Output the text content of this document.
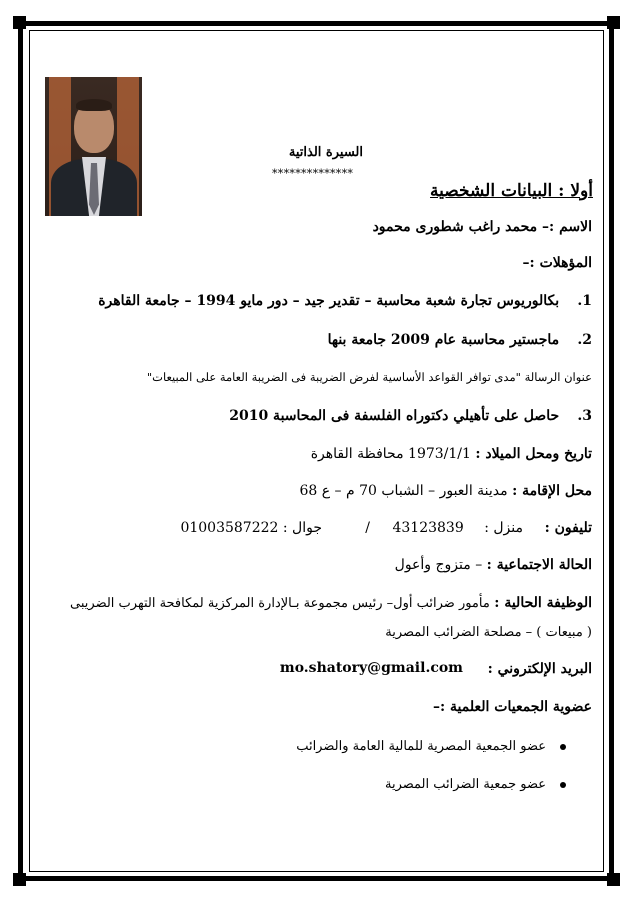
السيرة الذاتية
**************
أولا : البيانات الشخصية
الاسم :– محمد راغب شطورى محمود
المؤهلات :–
1. بكالوريوس تجارة شعبة محاسبة – تقدير جيد – دور مايو 1994 – جامعة القاهرة
2. ماجستير محاسبة عام 2009 جامعة بنها
عنوان الرسالة "مدى توافر القواعد الأساسية لفرض الضريبة فى الضريبة العامة على المبيعات"
3. حاصل على تأهيلي دكتوراه الفلسفة فى المحاسبة 2010
تاريخ ومحل الميلاد : 1973/1/1 محافظة القاهرة
محل الإقامة : مدينة العبور – الشباب 70 م – ع 68
تليفون :
منزل : 43123839
/
جوال : 01003587222
الحالة الاجتماعية : – متزوج وأعول
الوظيفة الحالية : مأمور ضرائب أول– رئيس مجموعة بـالإدارة المركزية لمكافحة التهرب الضريبى
( مبيعات ) – مصلحة الضرائب المصرية
البريد الإلكتروني :
mo.shatory@gmail.com
عضوية الجمعيات العلمية :–
عضو الجمعية المصرية للمالية العامة والضرائب
عضو جمعية الضرائب المصرية
